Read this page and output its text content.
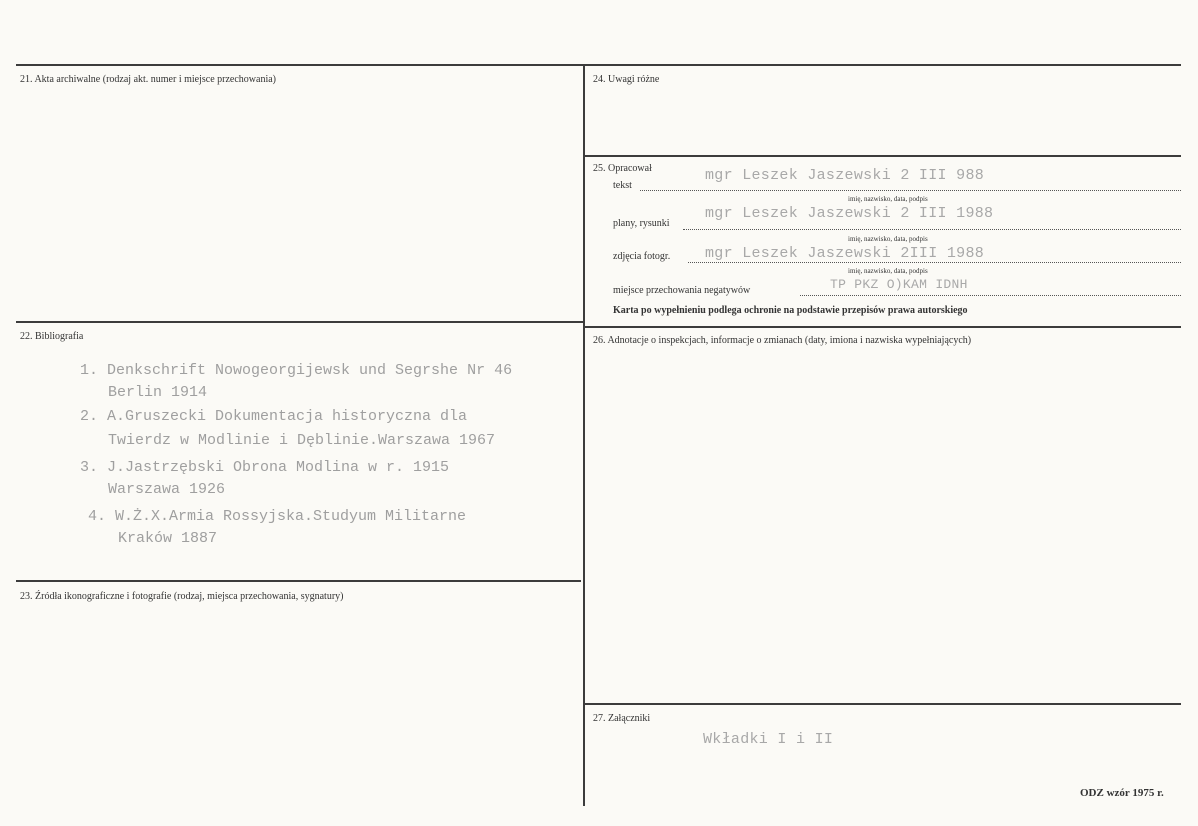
21. Akta archiwalne (rodzaj akt. numer i miejsce przechowania)
22. Bibliografia
1. Denkschrift Nowogeorgijewsk und Segrshe Nr 46
Berlin 1914
2. A.Gruszecki Dokumentacja historyczna dla
Twierdz w Modlinie i Dęblinie.Warszawa 1967
3. J.Jastrzębski Obrona Modlina w r. 1915
Warszawa 1926
4. W.Ż.X.Armia Rossyjska.Studyum Militarne
Kraków 1887
23. Źródła ikonograficzne i fotografie (rodzaj, miejsca przechowania, sygnatury)
24. Uwagi różne
25. Opracował
tekst
mgr Leszek Jaszewski 2 III 988
imię, nazwisko, data, podpis
plany, rysunki
mgr Leszek Jaszewski 2 III 1988
imię, nazwisko, data, podpis
zdjęcia fotogr. mgr Leszek Jaszewski 2III 1988
imię, nazwisko, data, podpis
miejsce przechowania negatywów	TP PKZ O)KAM IDNH
Karta po wypełnieniu podlega ochronie na podstawie przepisów prawa autorskiego
26. Adnotacje o inspekcjach, informacje o zmianach (daty, imiona i nazwiska wypełniających)
27. Załączniki
Wkładki I i II
ODZ wzór 1975 r.
